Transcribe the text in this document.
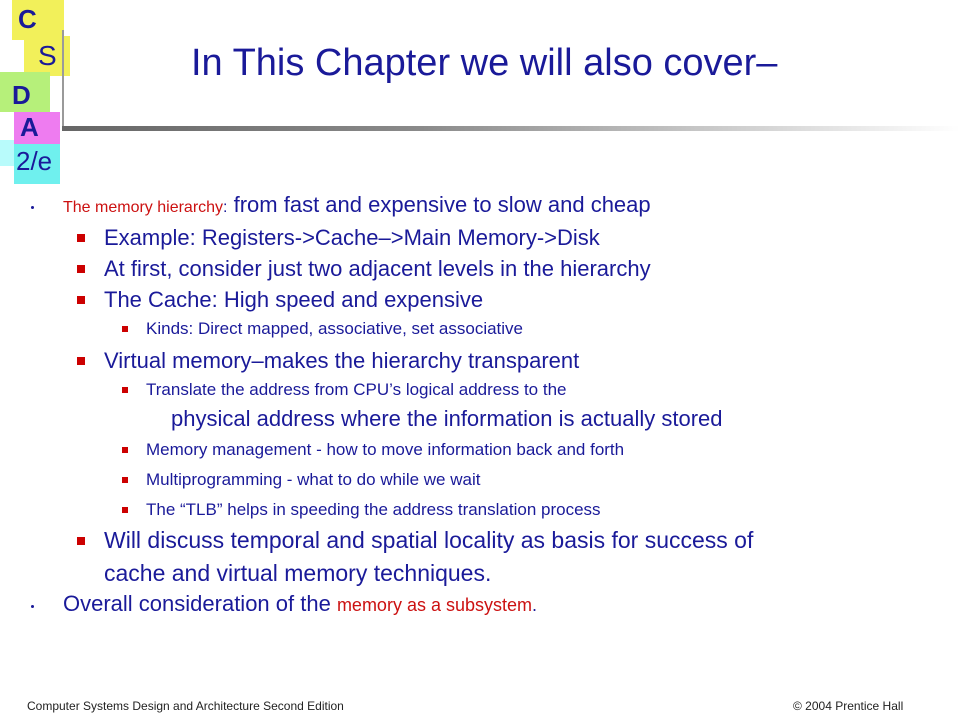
C
S
D
A
2/e
In This Chapter we will also cover–
The memory hierarchy: from fast and expensive to slow and cheap
Example: Registers->Cache–>Main Memory->Disk
At first, consider just two adjacent levels in the hierarchy
The Cache: High speed and expensive
Kinds: Direct mapped, associative, set associative
Virtual memory–makes the hierarchy transparent
Translate the address from CPU’s logical address to the
physical address where the information is actually stored
Memory management - how to move information back and forth
Multiprogramming - what to do while we wait
The “TLB” helps in speeding the address translation process
Will discuss temporal and spatial locality as basis for success of
cache and virtual memory techniques.
Overall consideration of the memory as a subsystem.
Computer Systems Design and Architecture Second Edition	© 2004 Prentice Hall
